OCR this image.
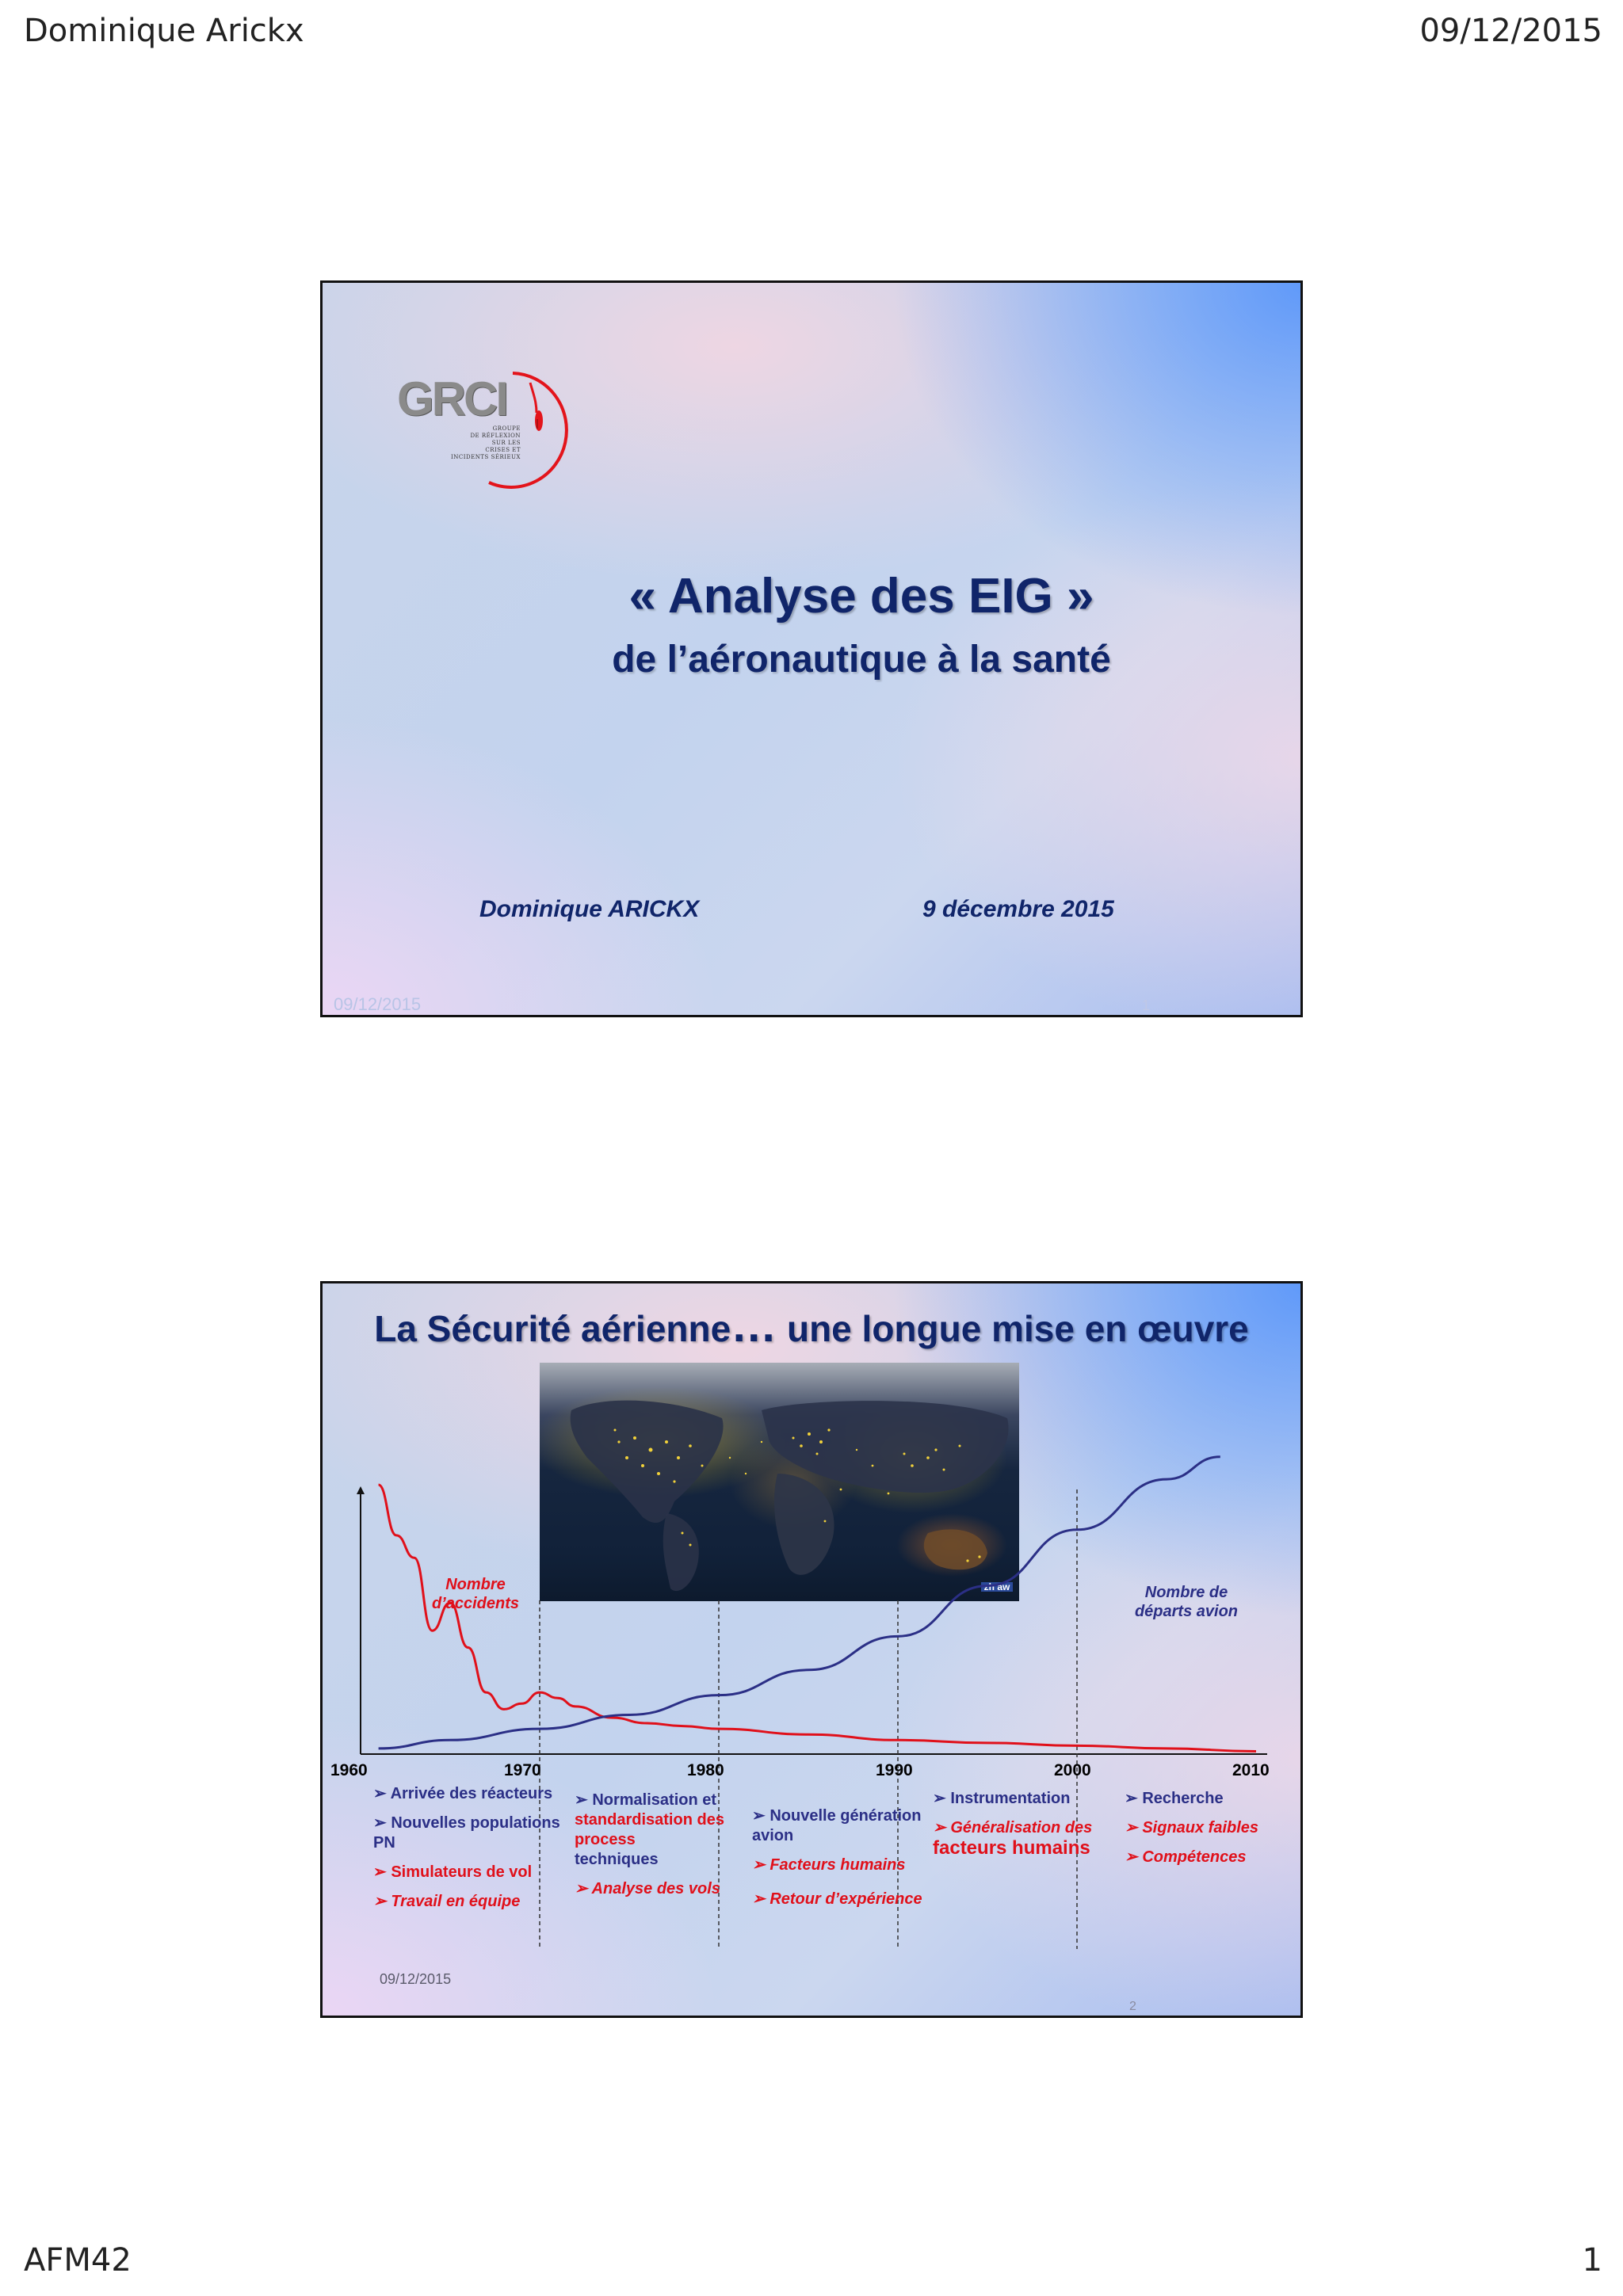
Dominique Arickx	09/12/2015
AFM42	1
GRCI
GROUPE
DE RÉFLEXION
SUR LES
CRISES ET
INCIDENTS SÉRIEUX
« Analyse des EIG »
de l’aéronautique à la santé
Dominique ARICKX	9 décembre 2015
09/12/2015	1
La Sécurité aérienne… une longue mise en œuvre
zh aw
1960	1970	1980	1990	2000	2010
Nombre
d’accidents
Nombre de
départs avion
➢ Arrivée des réacteurs
➢ Nouvelles populations PN
➢ Simulateurs de vol
➢ Travail en équipe
➢ Normalisation et
standardisation des process
techniques
➢ Analyse des vols
➢ Nouvelle génération avion
➢ Facteurs humains
➢ Retour d’expérience
➢ Instrumentation
➢ Généralisation des
facteurs humains
➢ Recherche
➢ Signaux faibles
➢ Compétences
09/12/2015
2
